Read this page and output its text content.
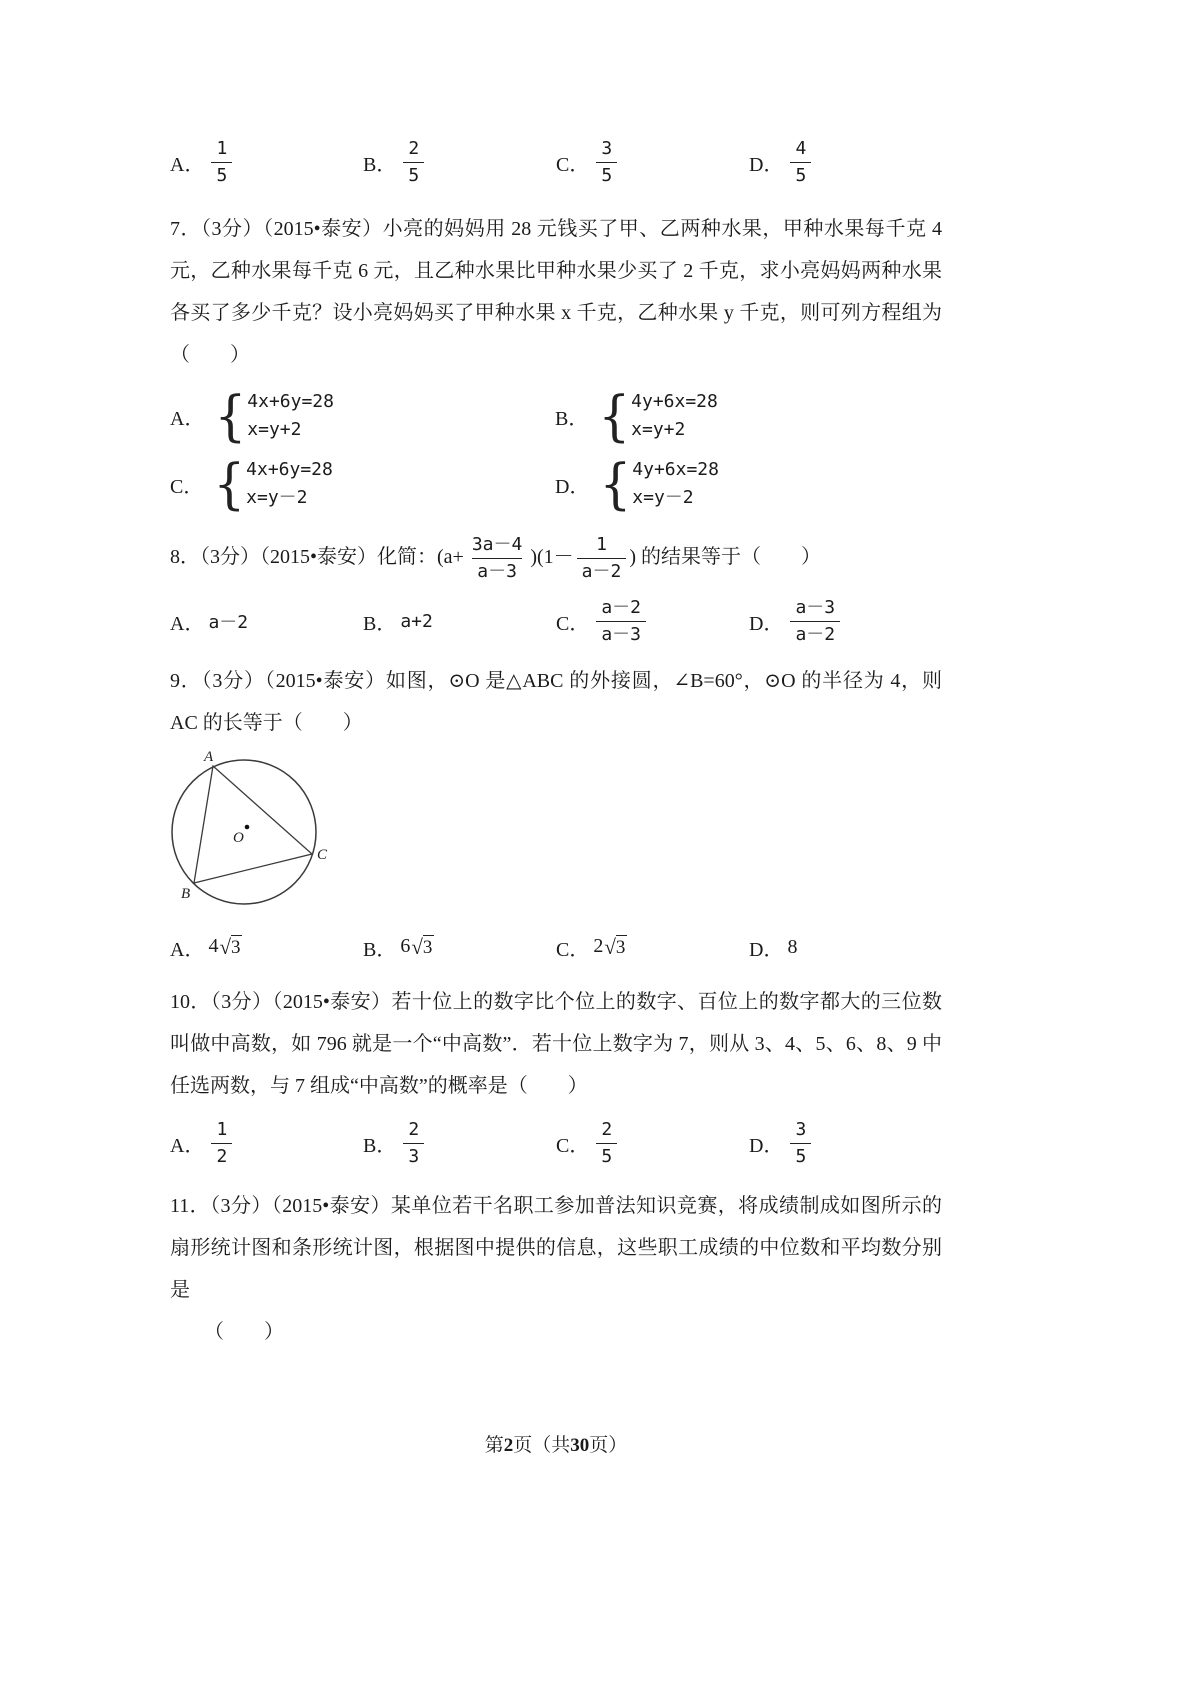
A． $\frac{1}{5}$	B． $\frac{2}{5}$	C． $\frac{3}{5}$	D． $\frac{4}{5}$

7．（3分）（2015•泰安）小亮的妈妈用 28 元钱买了甲、乙两种水果，甲种水果每千克 4 元，乙种水果每千克 6 元，且乙种水果比甲种水果少买了 2 千克，求小亮妈妈两种水果各买了多少千克？设小亮妈妈买了甲种水果 x 千克，乙种水果 y 千克，则可列方程组为（　　）

A． { 4x+6y=28
x=y+2	B． { 4y+6x=28
x=y+2
C． { 4x+6y=28
x=y－2	D． { 4y+6x=28
x=y－2
8．（3分）（2015•泰安）化简：$(a+ \frac{3a-4}{a-3} )(1- \frac{1}{a-2}$ ) 的结果等于（　　）
A． a－2	B． a+2	C． $\frac{a-2}{a-3}$	D． $\frac{a-3}{a-2}$

9．（3分）（2015•泰安）如图，⊙O 是△ABC 的外接圆，∠B=60°，⊙O 的半径为 4，则 AC 的长等于（　　）

A
B
C
O
A． 4 √ 3	B． 6 √ 3	C． 2 √ 3	D． 8

10．（3分）（2015•泰安）若十位上的数字比个位上的数字、百位上的数字都大的三位数叫做中高数，如 796 就是一个“中高数”．若十位上数字为 7，则从 3、4、5、6、8、9 中任选两数，与 7 组成“中高数”的概率是（　　）

A． $\frac{1}{2}$	B． $\frac{2}{3}$	C． $\frac{2}{5}$	D． $\frac{3}{5}$

11．（3分）（2015•泰安）某单位若干名职工参加普法知识竞赛，将成绩制成如图所示的扇形统计图和条形统计图，根据图中提供的信息，这些职工成绩的中位数和平均数分别是

（　　）

第2页（共30页）
